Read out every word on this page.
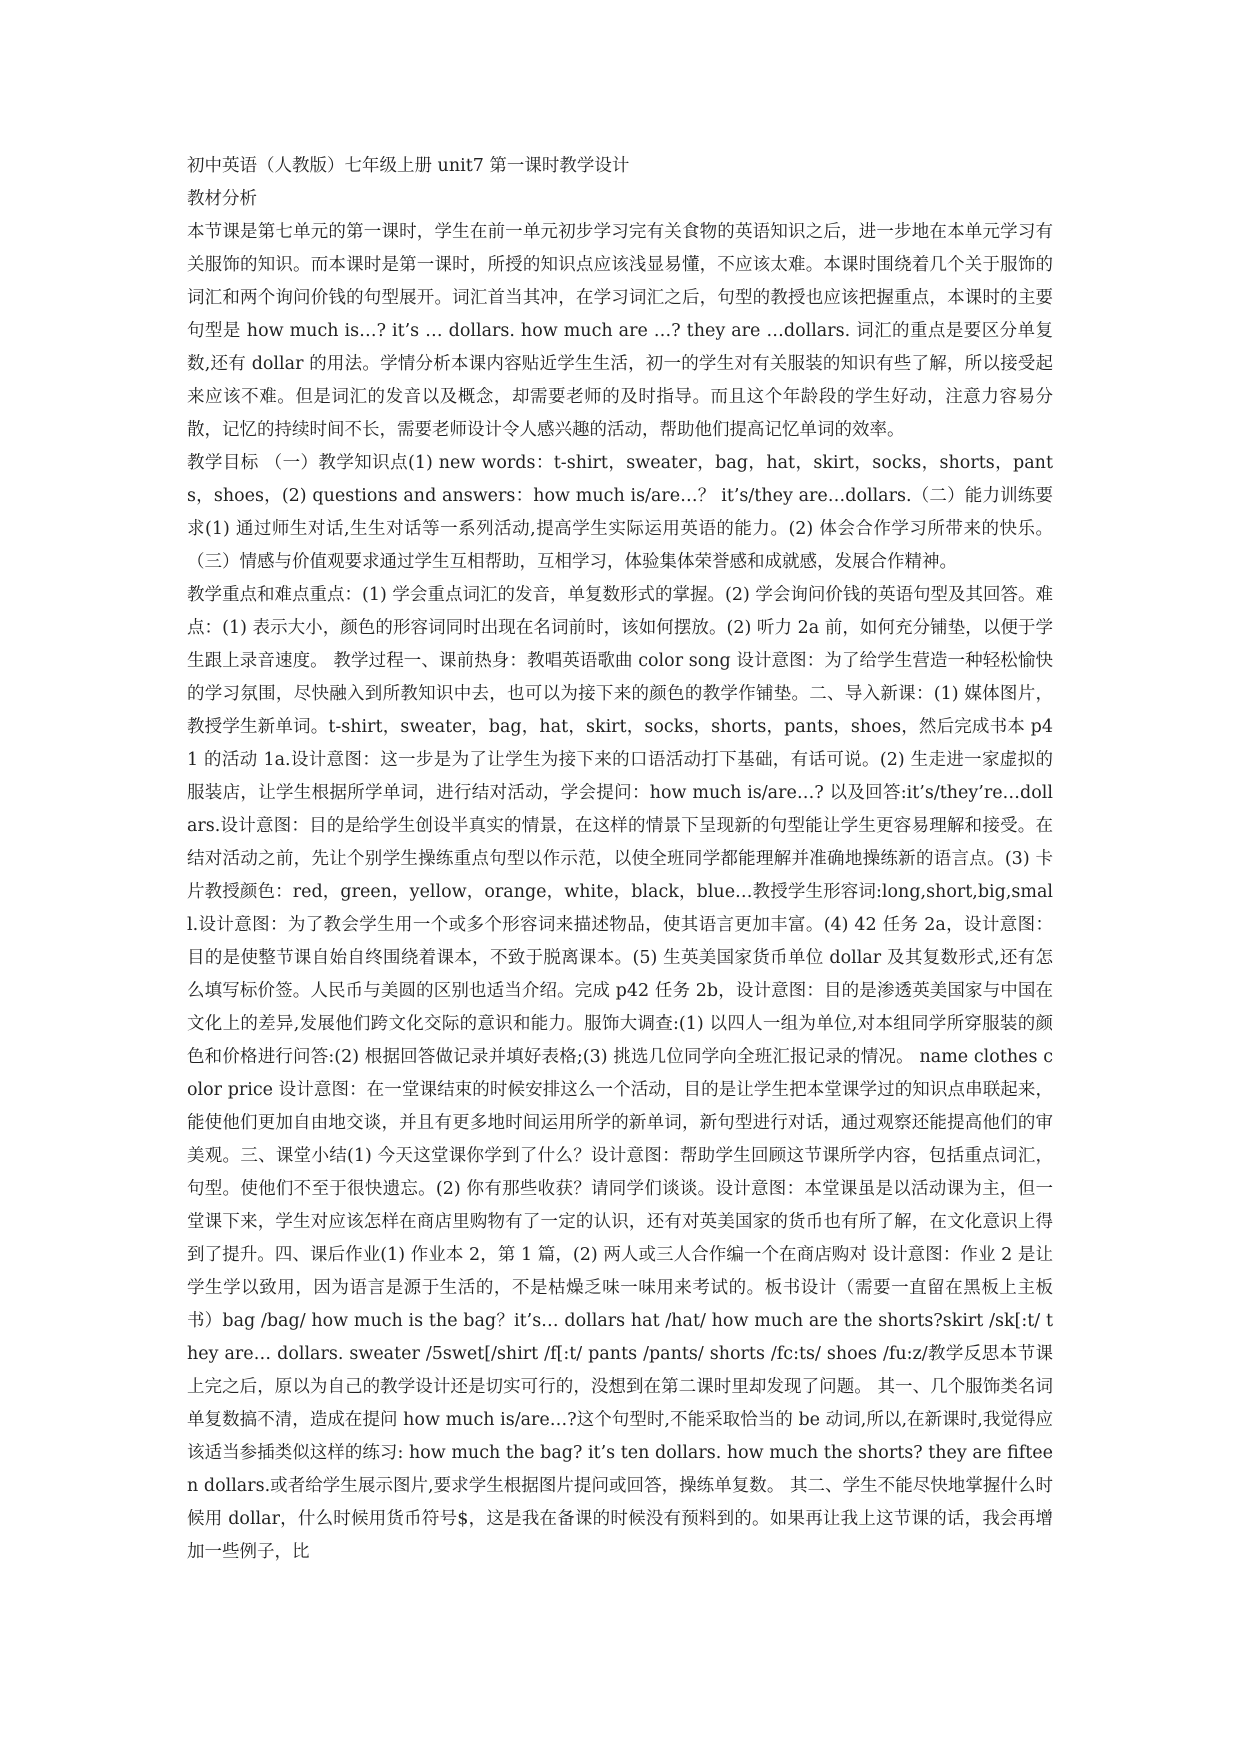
初中英语（人教版）七年级上册 unit7 第一课时教学设计

教材分析

本节课是第七单元的第一课时，学生在前一单元初步学习完有关食物的英语知识之后，进一步地在本单元学习有关服饰的知识。而本课时是第一课时，所授的知识点应该浅显易懂，不应该太难。本课时围绕着几个关于服饰的词汇和两个询问价钱的句型展开。词汇首当其冲，在学习词汇之后，句型的教授也应该把握重点，本课时的主要句型是 how much is…? it’s … dollars. how much are …? they are …dollars. 词汇的重点是要区分单复数,还有 dollar 的用法。学情分析本课内容贴近学生生活，初一的学生对有关服装的知识有些了解，所以接受起来应该不难。但是词汇的发音以及概念，却需要老师的及时指导。而且这个年龄段的学生好动，注意力容易分散，记忆的持续时间不长，需要老师设计令人感兴趣的活动，帮助他们提高记忆单词的效率。

教学目标 （一）教学知识点(1) new words：t-shirt，sweater，bag，hat，skirt，socks，shorts，pants，shoes，(2) questions and answers：how much is/are…？ it’s/they are…dollars.（二）能力训练要求(1) 通过师生对话,生生对话等一系列活动,提高学生实际运用英语的能力。(2) 体会合作学习所带来的快乐。（三）情感与价值观要求通过学生互相帮助，互相学习，体验集体荣誉感和成就感，发展合作精神。

教学重点和难点重点：(1) 学会重点词汇的发音，单复数形式的掌握。(2) 学会询问价钱的英语句型及其回答。难点：(1) 表示大小，颜色的形容词同时出现在名词前时，该如何摆放。(2) 听力 2a 前，如何充分铺垫，以便于学生跟上录音速度。 教学过程一、课前热身：教唱英语歌曲 color song 设计意图：为了给学生营造一种轻松愉快的学习氛围，尽快融入到所教知识中去，也可以为接下来的颜色的教学作铺垫。二、导入新课：(1) 媒体图片，教授学生新单词。t-shirt，sweater，bag，hat，skirt，socks，shorts，pants，shoes，然后完成书本 p41 的活动 1a.设计意图：这一步是为了让学生为接下来的口语活动打下基础，有话可说。(2) 生走进一家虚拟的服装店，让学生根据所学单词，进行结对活动，学会提问：how much is/are…? 以及回答:it’s/they’re…dollars.设计意图：目的是给学生创设半真实的情景，在这样的情景下呈现新的句型能让学生更容易理解和接受。在结对活动之前，先让个别学生操练重点句型以作示范，以使全班同学都能理解并准确地操练新的语言点。(3) 卡片教授颜色：red，green，yellow，orange，white，black，blue…教授学生形容词:long,short,big,small.设计意图：为了教会学生用一个或多个形容词来描述物品，使其语言更加丰富。(4) 42 任务 2a，设计意图：目的是使整节课自始自终围绕着课本，不致于脱离课本。(5) 生英美国家货币单位 dollar 及其复数形式,还有怎么填写标价签。人民币与美圆的区别也适当介绍。完成 p42 任务 2b，设计意图：目的是渗透英美国家与中国在文化上的差异,发展他们跨文化交际的意识和能力。服饰大调查:(1) 以四人一组为单位,对本组同学所穿服装的颜色和价格进行问答:(2) 根据回答做记录并填好表格;(3) 挑选几位同学向全班汇报记录的情况。 name clothes color price 设计意图：在一堂课结束的时候安排这么一个活动，目的是让学生把本堂课学过的知识点串联起来，能使他们更加自由地交谈，并且有更多地时间运用所学的新单词，新句型进行对话，通过观察还能提高他们的审美观。三、课堂小结(1) 今天这堂课你学到了什么？设计意图：帮助学生回顾这节课所学内容，包括重点词汇，句型。使他们不至于很快遗忘。(2) 你有那些收获？请同学们谈谈。设计意图：本堂课虽是以活动课为主，但一堂课下来，学生对应该怎样在商店里购物有了一定的认识，还有对英美国家的货币也有所了解，在文化意识上得到了提升。四、课后作业(1) 作业本 2，第 1 篇，(2) 两人或三人合作编一个在商店购对 设计意图：作业 2 是让学生学以致用，因为语言是源于生活的，不是枯燥乏味一味用来考试的。板书设计（需要一直留在黑板上主板书）bag /bag/ how much is the bag？it’s… dollars hat /hat/ how much are the shorts?skirt /sk[:t/ they are… dollars. sweater /5swet[/shirt /f[:t/ pants /pants/ shorts /fc:ts/ shoes /fu:z/教学反思本节课上完之后，原以为自己的教学设计还是切实可行的，没想到在第二课时里却发现了问题。 其一、几个服饰类名词单复数搞不清，造成在提问 how much is/are…?这个句型时,不能采取恰当的 be 动词,所以,在新课时,我觉得应该适当参插类似这样的练习: how much the bag? it’s ten dollars. how much the shorts? they are fifteen dollars.或者给学生展示图片,要求学生根据图片提问或回答，操练单复数。 其二、学生不能尽快地掌握什么时候用 dollar，什么时候用货币符号$，这是我在备课的时候没有预料到的。如果再让我上这节课的话，我会再增加一些例子，比
